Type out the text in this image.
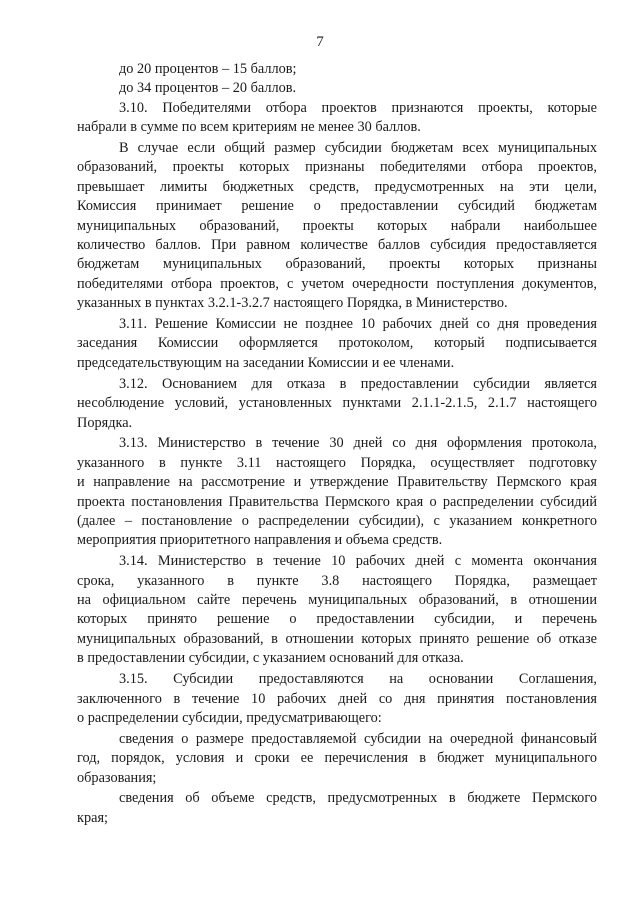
7
до 20 процентов – 15 баллов;
до 34 процентов – 20 баллов.
3.10. Победителями отбора проектов признаются проекты, которые
набрали в сумме по всем критериям не менее 30 баллов.
В случае если общий размер субсидии бюджетам всех муниципальных
образований, проекты которых признаны победителями отбора проектов,
превышает лимиты бюджетных средств, предусмотренных на эти цели,
Комиссия принимает решение о предоставлении субсидий бюджетам
муниципальных образований, проекты которых набрали наибольшее
количество баллов. При равном количестве баллов субсидия предоставляется
бюджетам муниципальных образований, проекты которых признаны
победителями отбора проектов, с учетом очередности поступления документов,
указанных в пунктах 3.2.1-3.2.7 настоящего Порядка, в Министерство.
3.11. Решение Комиссии не позднее 10 рабочих дней со дня проведения
заседания Комиссии оформляется протоколом, который подписывается
председательствующим на заседании Комиссии и ее членами.
3.12. Основанием для отказа в предоставлении субсидии является
несоблюдение условий, установленных пунктами 2.1.1-2.1.5, 2.1.7 настоящего
Порядка.
3.13. Министерство в течение 30 дней со дня оформления протокола,
указанного в пункте 3.11 настоящего Порядка, осуществляет подготовку
и направление на рассмотрение и утверждение Правительству Пермского края
проекта постановления Правительства Пермского края о распределении субсидий
(далее – постановление о распределении субсидии), с указанием конкретного
мероприятия приоритетного направления и объема средств.
3.14. Министерство в течение 10 рабочих дней с момента окончания
срока, указанного в пункте 3.8 настоящего Порядка, размещает
на официальном сайте перечень муниципальных образований, в отношении
которых принято решение о предоставлении субсидии, и перечень
муниципальных образований, в отношении которых принято решение об отказе
в предоставлении субсидии, с указанием оснований для отказа.
3.15. Субсидии предоставляются на основании Соглашения,
заключенного в течение 10 рабочих дней со дня принятия постановления
о распределении субсидии, предусматривающего:
сведения о размере предоставляемой субсидии на очередной финансовый
год, порядок, условия и сроки ее перечисления в бюджет муниципального
образования;
сведения об объеме средств, предусмотренных в бюджете Пермского
края;
